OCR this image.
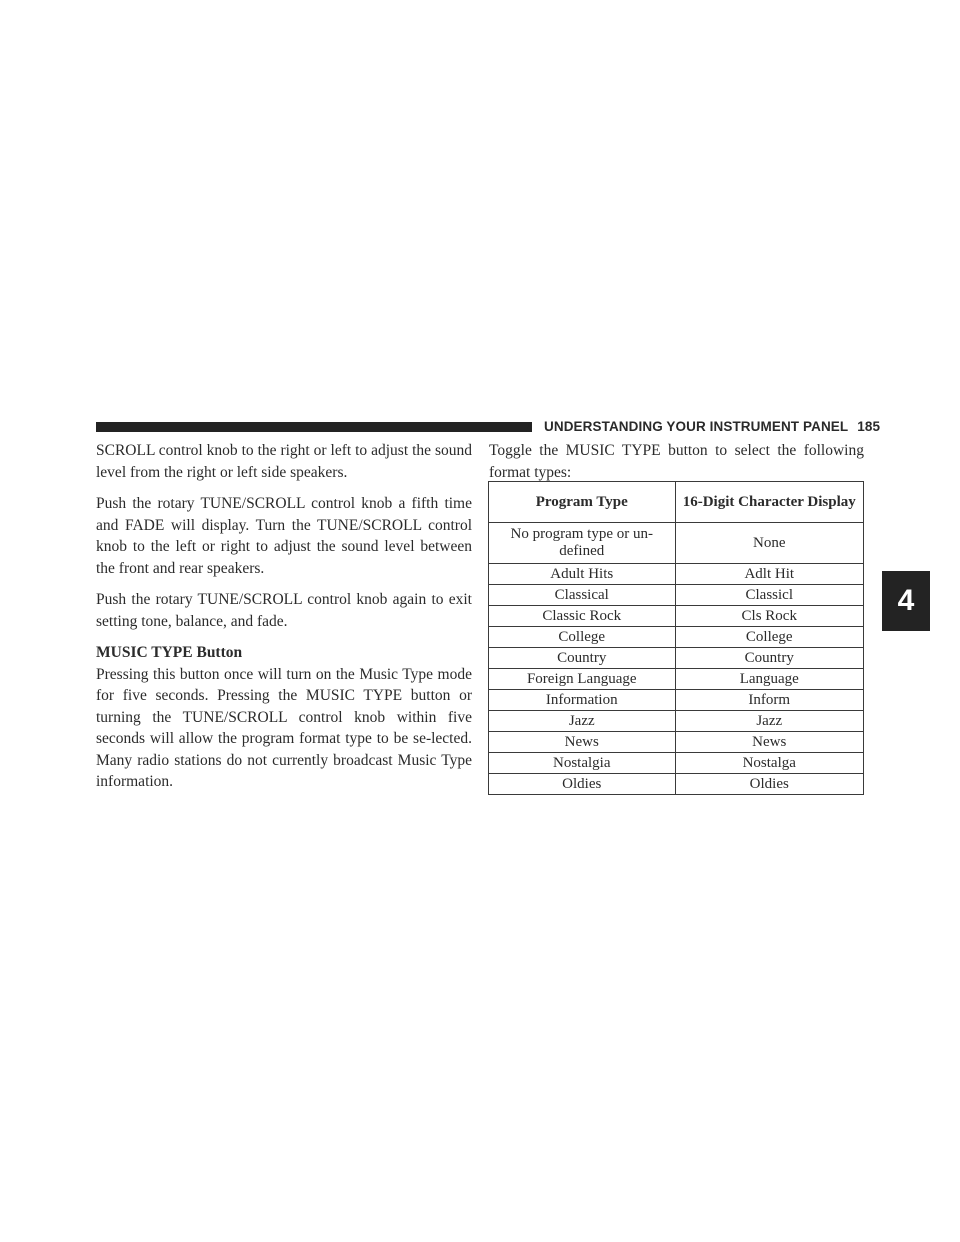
UNDERSTANDING YOUR INSTRUMENT PANEL 185
4

SCROLL control knob to the right or left to adjust the sound level from the right or left side speakers.

Push the rotary TUNE/SCROLL control knob a fifth time and FADE will display. Turn the TUNE/SCROLL control knob to the left or right to adjust the sound level between the front and rear speakers.

Push the rotary TUNE/SCROLL control knob again to exit setting tone, balance, and fade.

MUSIC TYPE Button

Pressing this button once will turn on the Music Type mode for five seconds. Pressing the MUSIC TYPE button or turning the TUNE/SCROLL control knob within five seconds will allow the program format type to be se-lected. Many radio stations do not currently broadcast Music Type information.

Toggle the MUSIC TYPE button to select the following format types:

Program Type	16-Digit Character Display
No program type or un-defined	None
Adult Hits	Adlt Hit
Classical	Classicl
Classic Rock	Cls Rock
College	College
Country	Country
Foreign Language	Language
Information	Inform
Jazz	Jazz
News	News
Nostalgia	Nostalga
Oldies	Oldies
